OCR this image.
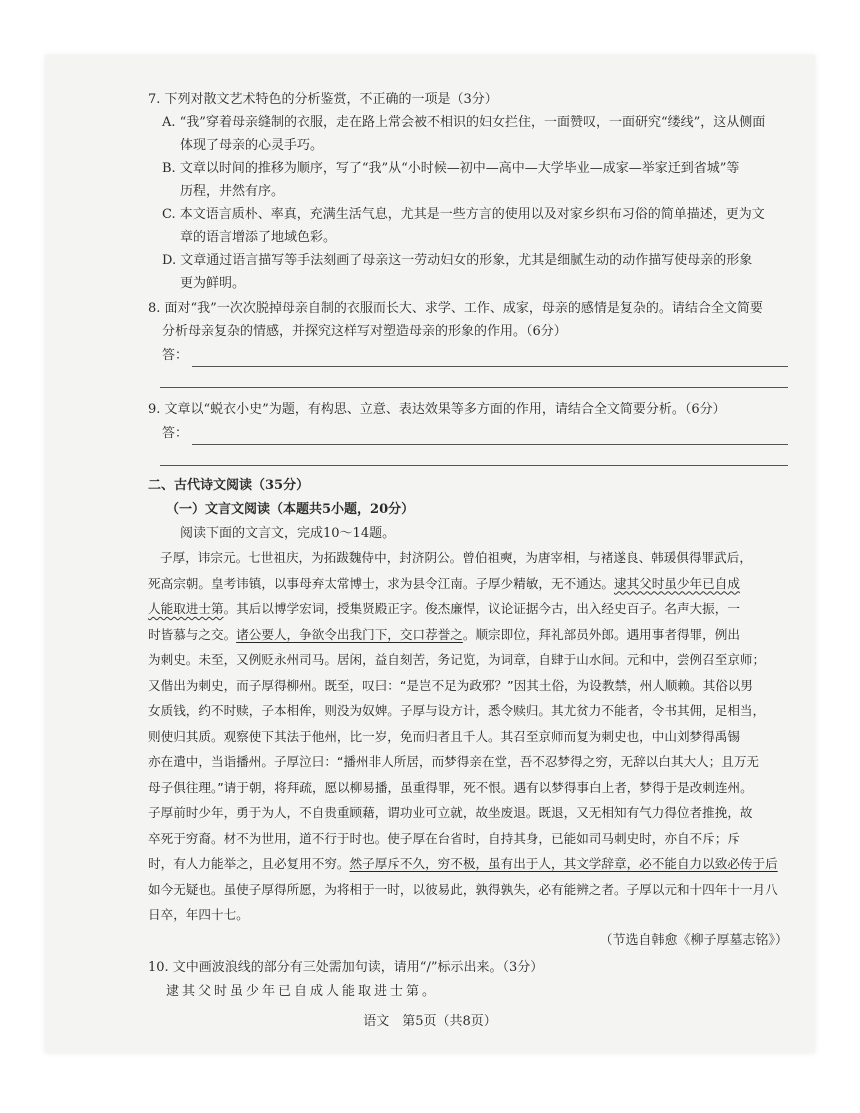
7. 下列对散文艺术特色的分析鉴赏，不正确的一项是（3分）
A. “我”穿着母亲缝制的衣服，走在路上常会被不相识的妇女拦住，一面赞叹，一面研究“缕线”，这从侧面
体现了母亲的心灵手巧。
B. 文章以时间的推移为顺序，写了“我”从“小时候—初中—高中—大学毕业—成家—举家迁到省城”等
历程，井然有序。
C. 本文语言质朴、率真，充满生活气息，尤其是一些方言的使用以及对家乡织布习俗的简单描述，更为文
章的语言增添了地域色彩。
D. 文章通过语言描写等手法刻画了母亲这一劳动妇女的形象，尤其是细腻生动的动作描写使母亲的形象
更为鲜明。
8. 面对“我”一次次脱掉母亲自制的衣服而长大、求学、工作、成家，母亲的感情是复杂的。请结合全文简要
分析母亲复杂的情感，并探究这样写对塑造母亲的形象的作用。（6分）
答：
9. 文章以“蜕衣小史”为题，有构思、立意、表达效果等多方面的作用，请结合全文简要分析。（6分）
答：
二、古代诗文阅读（35分）
（一）文言文阅读（本题共5小题，20分）
阅读下面的文言文，完成10～14题。
子厚，讳宗元。七世祖庆，为拓跋魏侍中，封济阴公。曾伯祖奭，为唐宰相，与褚遂良、韩瑗俱得罪武后，
死高宗朝。皇考讳镇，以事母弃太常博士，求为县令江南。子厚少精敏，无不通达。逮其父时虽少年已自成
人能取进士第。其后以博学宏词，授集贤殿正字。俊杰廉悍，议论证据今古，出入经史百子。名声大振，一
时皆慕与之交。诸公要人，争欲令出我门下，交口荐誉之。顺宗即位，拜礼部员外郎。遇用事者得罪，例出
为刺史。未至，又例贬永州司马。居闲，益自刻苦，务记览，为词章，自肆于山水间。元和中，尝例召至京师；
又偕出为刺史，而子厚得柳州。既至，叹曰：“是岂不足为政邪？”因其土俗，为设教禁，州人顺赖。其俗以男
女质钱，约不时赎，子本相侔，则没为奴婢。子厚与设方计，悉令赎归。其尤贫力不能者，令书其佣，足相当，
则使归其质。观察使下其法于他州，比一岁，免而归者且千人。其召至京师而复为刺史也，中山刘梦得禹锡
亦在遣中，当诣播州。子厚泣曰：“播州非人所居，而梦得亲在堂，吾不忍梦得之穷，无辞以白其大人；且万无
母子俱往理。”请于朝，将拜疏，愿以柳易播，虽重得罪，死不恨。遇有以梦得事白上者，梦得于是改刺连州。
子厚前时少年，勇于为人，不自贵重顾藉，谓功业可立就，故坐废退。既退，又无相知有气力得位者推挽，故
卒死于穷裔。材不为世用，道不行于时也。使子厚在台省时，自持其身，已能如司马刺史时，亦自不斥；斥
时，有人力能举之，且必复用不穷。然子厚斥不久，穷不极，虽有出于人，其文学辞章，必不能自力以致必传于后
如今无疑也。虽使子厚得所愿，为将相于一时，以彼易此，孰得孰失，必有能辨之者。子厚以元和十四年十一月八日卒，年四十七。
（节选自韩愈《柳子厚墓志铭》）
10. 文中画波浪线的部分有三处需加句读，请用“/”标示出来。（3分）
逮其父时虽少年已自成人能取进士第。
语文　第5页（共8页）
